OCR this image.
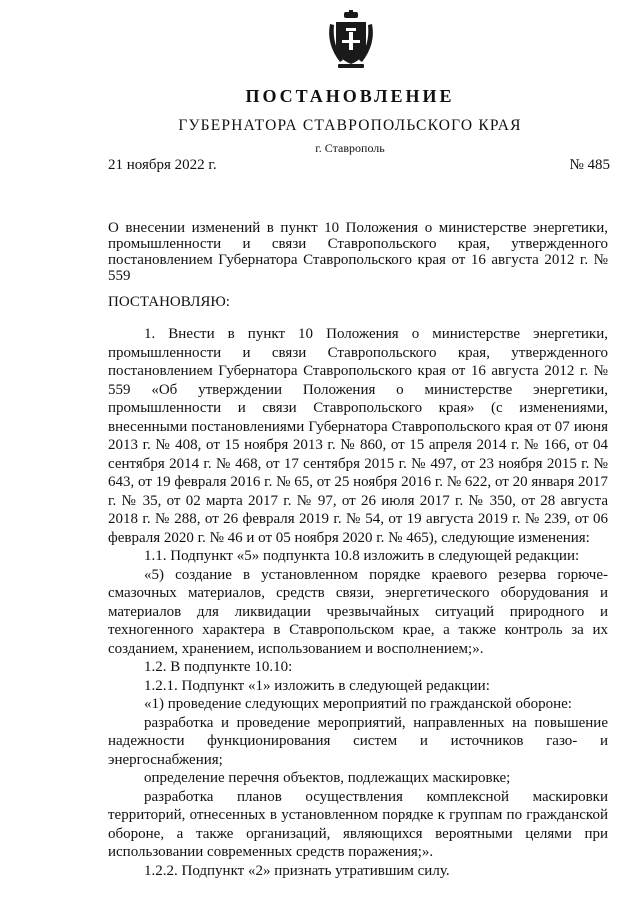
ПОСТАНОВЛЕНИЕ
ГУБЕРНАТОРА СТАВРОПОЛЬСКОГО КРАЯ
г. Ставрополь
21 ноября 2022 г.	№ 485
О внесении изменений в пункт 10 Положения о министерстве энергетики, промышленности и связи Ставропольского края, утвержденного постановлением Губернатора Ставропольского края от 16 августа 2012 г. № 559
ПОСТАНОВЛЯЮ:

1. Внести в пункт 10 Положения о министерстве энергетики, промышленности и связи Ставропольского края, утвержденного постановлением Губернатора Ставропольского края от 16 августа 2012 г. № 559 «Об утверждении Положения о министерстве энергетики, промышленности и связи Ставропольского края» (с изменениями, внесенными постановлениями Губернатора Ставропольского края от 07 июня 2013 г. № 408, от 15 ноября 2013 г. № 860, от 15 апреля 2014 г. № 166, от 04 сентября 2014 г. № 468, от 17 сентября 2015 г. № 497, от 23 ноября 2015 г. № 643, от 19 февраля 2016 г. № 65, от 25 ноября 2016 г. № 622, от 20 января 2017 г. № 35, от 02 марта 2017 г. № 97, от 26 июля 2017 г. № 350, от 28 августа 2018 г. № 288, от 26 февраля 2019 г. № 54, от 19 августа 2019 г. № 239, от 06 февраля 2020 г. № 46 и от 05 ноября 2020 г. № 465), следующие изменения:

1.1. Подпункт «5» подпункта 10.8 изложить в следующей редакции:

«5) создание в установленном порядке краевого резерва горюче-смазочных материалов, средств связи, энергетического оборудования и материалов для ликвидации чрезвычайных ситуаций природного и техногенного характера в Ставропольском крае, а также контроль за их созданием, хранением, использованием и восполнением;».

1.2. В подпункте 10.10:

1.2.1. Подпункт «1» изложить в следующей редакции:

«1) проведение следующих мероприятий по гражданской обороне:

разработка и проведение мероприятий, направленных на повышение надежности функционирования систем и источников газо- и энергоснабжения;

определение перечня объектов, подлежащих маскировке;

разработка планов осуществления комплексной маскировки территорий, отнесенных в установленном порядке к группам по гражданской обороне, а также организаций, являющихся вероятными целями при использовании современных средств поражения;».

1.2.2. Подпункт «2» признать утратившим силу.
